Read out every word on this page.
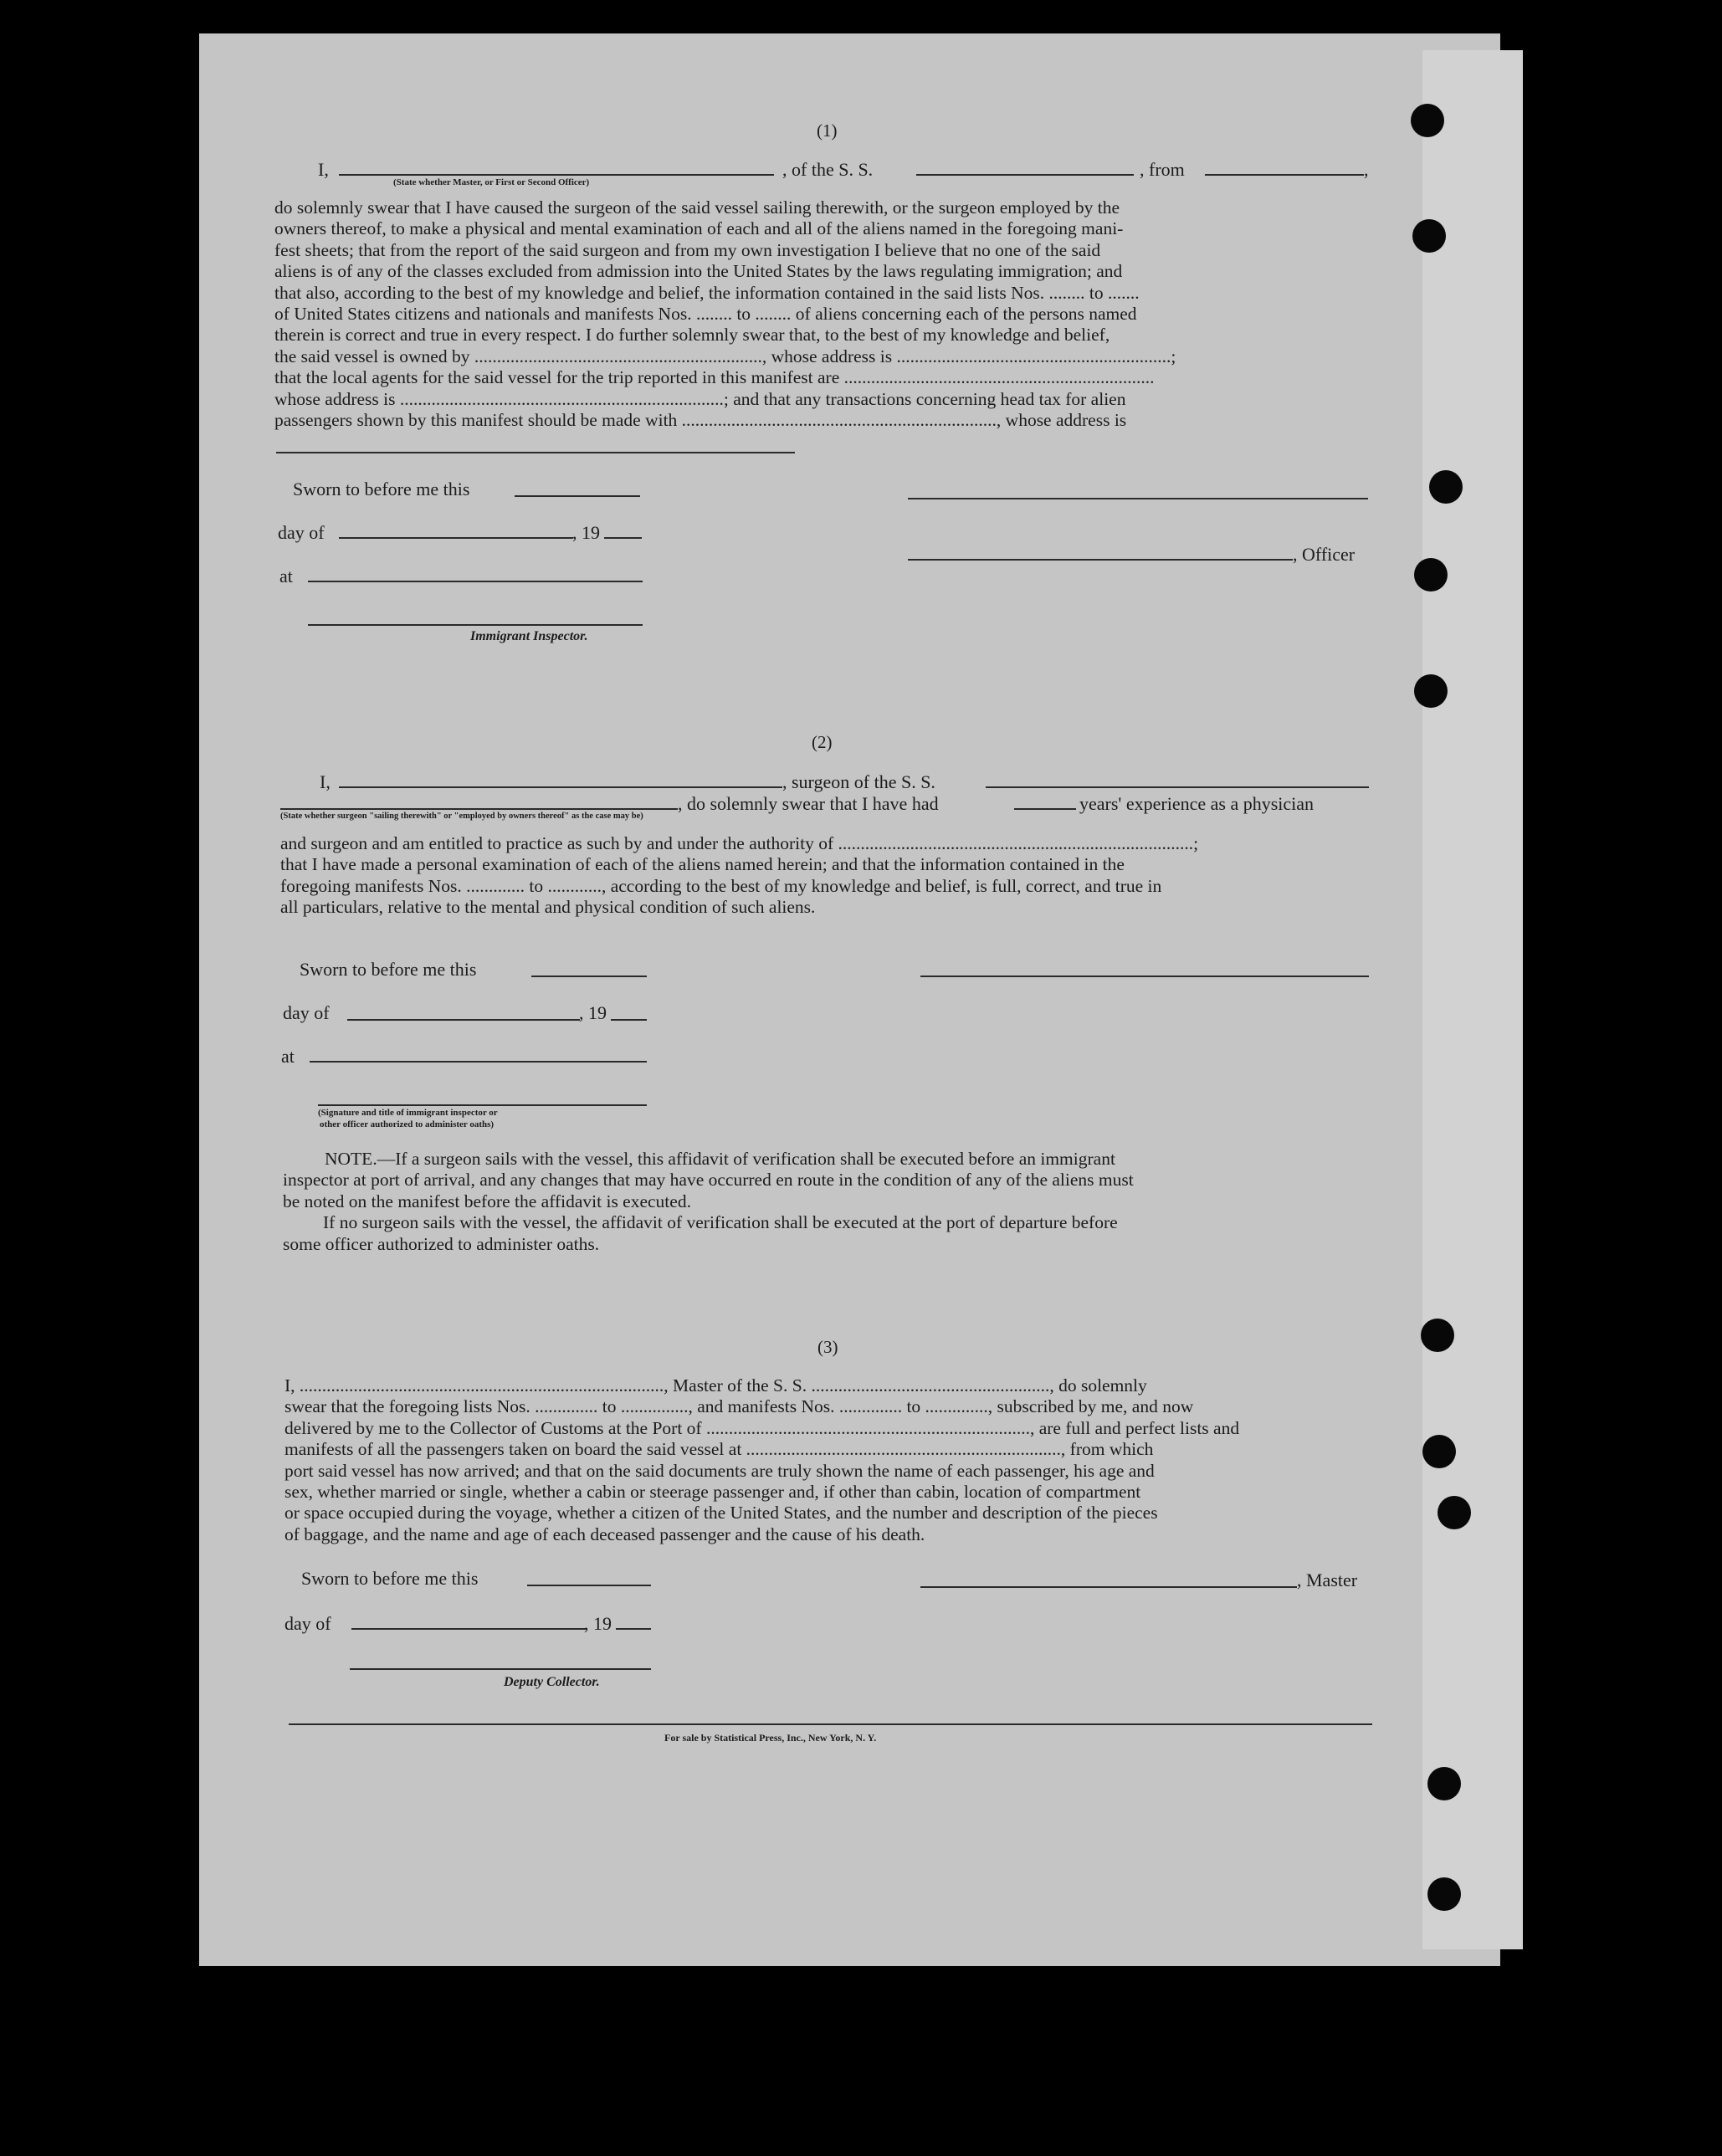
(1)
I,	, of the S. S.	, from	,
(State whether Master, or First or Second Officer)
do solemnly swear that I have caused the surgeon of the said vessel sailing therewith, or the surgeon employed by the
owners thereof, to make a physical and mental examination of each and all of the aliens named in the foregoing mani-
fest sheets; that from the report of the said surgeon and from my own investigation I believe that no one of the said
aliens is of any of the classes excluded from admission into the United States by the laws regulating immigration; and
that also, according to the best of my knowledge and belief, the information contained in the said lists Nos. ........ to .......
of United States citizens and nationals and manifests Nos. ........ to ........ of aliens concerning each of the persons named
therein is correct and true in every respect. I do further solemnly swear that, to the best of my knowledge and belief,
the said vessel is owned by ................................................................, whose address is .............................................................;
that the local agents for the said vessel for the trip reported in this manifest are .....................................................................
whose address is ........................................................................; and that any transactions concerning head tax for alien
passengers shown by this manifest should be made with ......................................................................, whose address is
Sworn to before me this
day of	, 19
, Officer
at
Immigrant Inspector.
(2)
I,	, surgeon of the S. S.
, do solemnly swear that I have had	years' experience as a physician
(State whether surgeon "sailing therewith" or "employed by owners thereof" as the case may be)
and surgeon and am entitled to practice as such by and under the authority of ...............................................................................;
that I have made a personal examination of each of the aliens named herein; and that the information contained in the
foregoing manifests Nos. ............. to ............, according to the best of my knowledge and belief, is full, correct, and true in
all particulars, relative to the mental and physical condition of such aliens.
Sworn to before me this
day of	, 19
at
(Signature and title of immigrant inspector or
other officer authorized to administer oaths)
NOTE.—If a surgeon sails with the vessel, this affidavit of verification shall be executed before an immigrant
inspector at port of arrival, and any changes that may have occurred en route in the condition of any of the aliens must
be noted on the manifest before the affidavit is executed.
If no surgeon sails with the vessel, the affidavit of verification shall be executed at the port of departure before
some officer authorized to administer oaths.
(3)
I, ................................................................................., Master of the S. S. ....................................................., do solemnly
swear that the foregoing lists Nos. .............. to ..............., and manifests Nos. .............. to .............., subscribed by me, and now
delivered by me to the Collector of Customs at the Port of ........................................................................, are full and perfect lists and
manifests of all the passengers taken on board the said vessel at ......................................................................, from which
port said vessel has now arrived; and that on the said documents are truly shown the name of each passenger, his age and
sex, whether married or single, whether a cabin or steerage passenger and, if other than cabin, location of compartment
or space occupied during the voyage, whether a citizen of the United States, and the number and description of the pieces
of baggage, and the name and age of each deceased passenger and the cause of his death.
Sworn to before me this	, Master
day of	, 19
Deputy Collector.
For sale by Statistical Press, Inc., New York, N. Y.
